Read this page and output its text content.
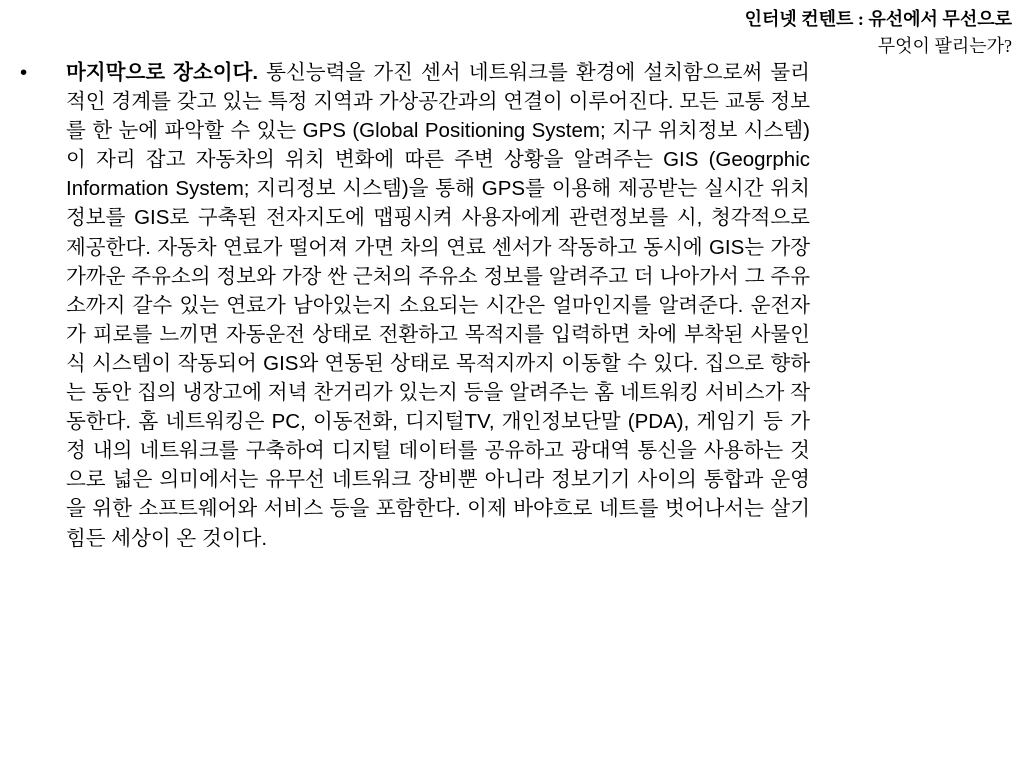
인터넷 컨텐트 : 유선에서 무선으로
무엇이 팔리는가?
• 마지막으로 장소이다. 통신능력을 가진 센서 네트워크를 환경에 설치함으로써 물리적인 경계를 갖고 있는 특정 지역과 가상공간과의 연결이 이루어진다. 모든 교통 정보를 한 눈에 파악할 수 있는 GPS (Global Positioning System; 지구 위치정보 시스템)이 자리 잡고 자동차의 위치 변화에 따른 주변 상황을 알려주는 GIS (Geogrphic Information System; 지리정보 시스템)을 통해 GPS를 이용해 제공받는 실시간 위치정보를 GIS로 구축된 전자지도에 맵핑시켜 사용자에게 관련정보를 시, 청각적으로 제공한다. 자동차 연료가 떨어져 가면 차의 연료 센서가 작동하고 동시에 GIS는 가장 가까운 주유소의 정보와 가장 싼 근처의 주유소 정보를 알려주고 더 나아가서 그 주유소까지 갈수 있는 연료가 남아있는지 소요되는 시간은 얼마인지를 알려준다. 운전자가 피로를 느끼면 자동운전 상태로 전환하고 목적지를 입력하면 차에 부착된 사물인식 시스템이 작동되어 GIS와 연동된 상태로 목적지까지 이동할 수 있다. 집으로 향하는 동안 집의 냉장고에 저녁 찬거리가 있는지 등을 알려주는 홈 네트워킹 서비스가 작동한다. 홈 네트워킹은 PC, 이동전화, 디지털TV, 개인정보단말 (PDA), 게임기 등 가정 내의 네트워크를 구축하여 디지털 데이터를 공유하고 광대역 통신을 사용하는 것으로 넓은 의미에서는 유무선 네트워크 장비뿐 아니라 정보기기 사이의 통합과 운영을 위한 소프트웨어와 서비스 등을 포함한다. 이제 바야흐로 네트를 벗어나서는 살기 힘든 세상이 온 것이다.
